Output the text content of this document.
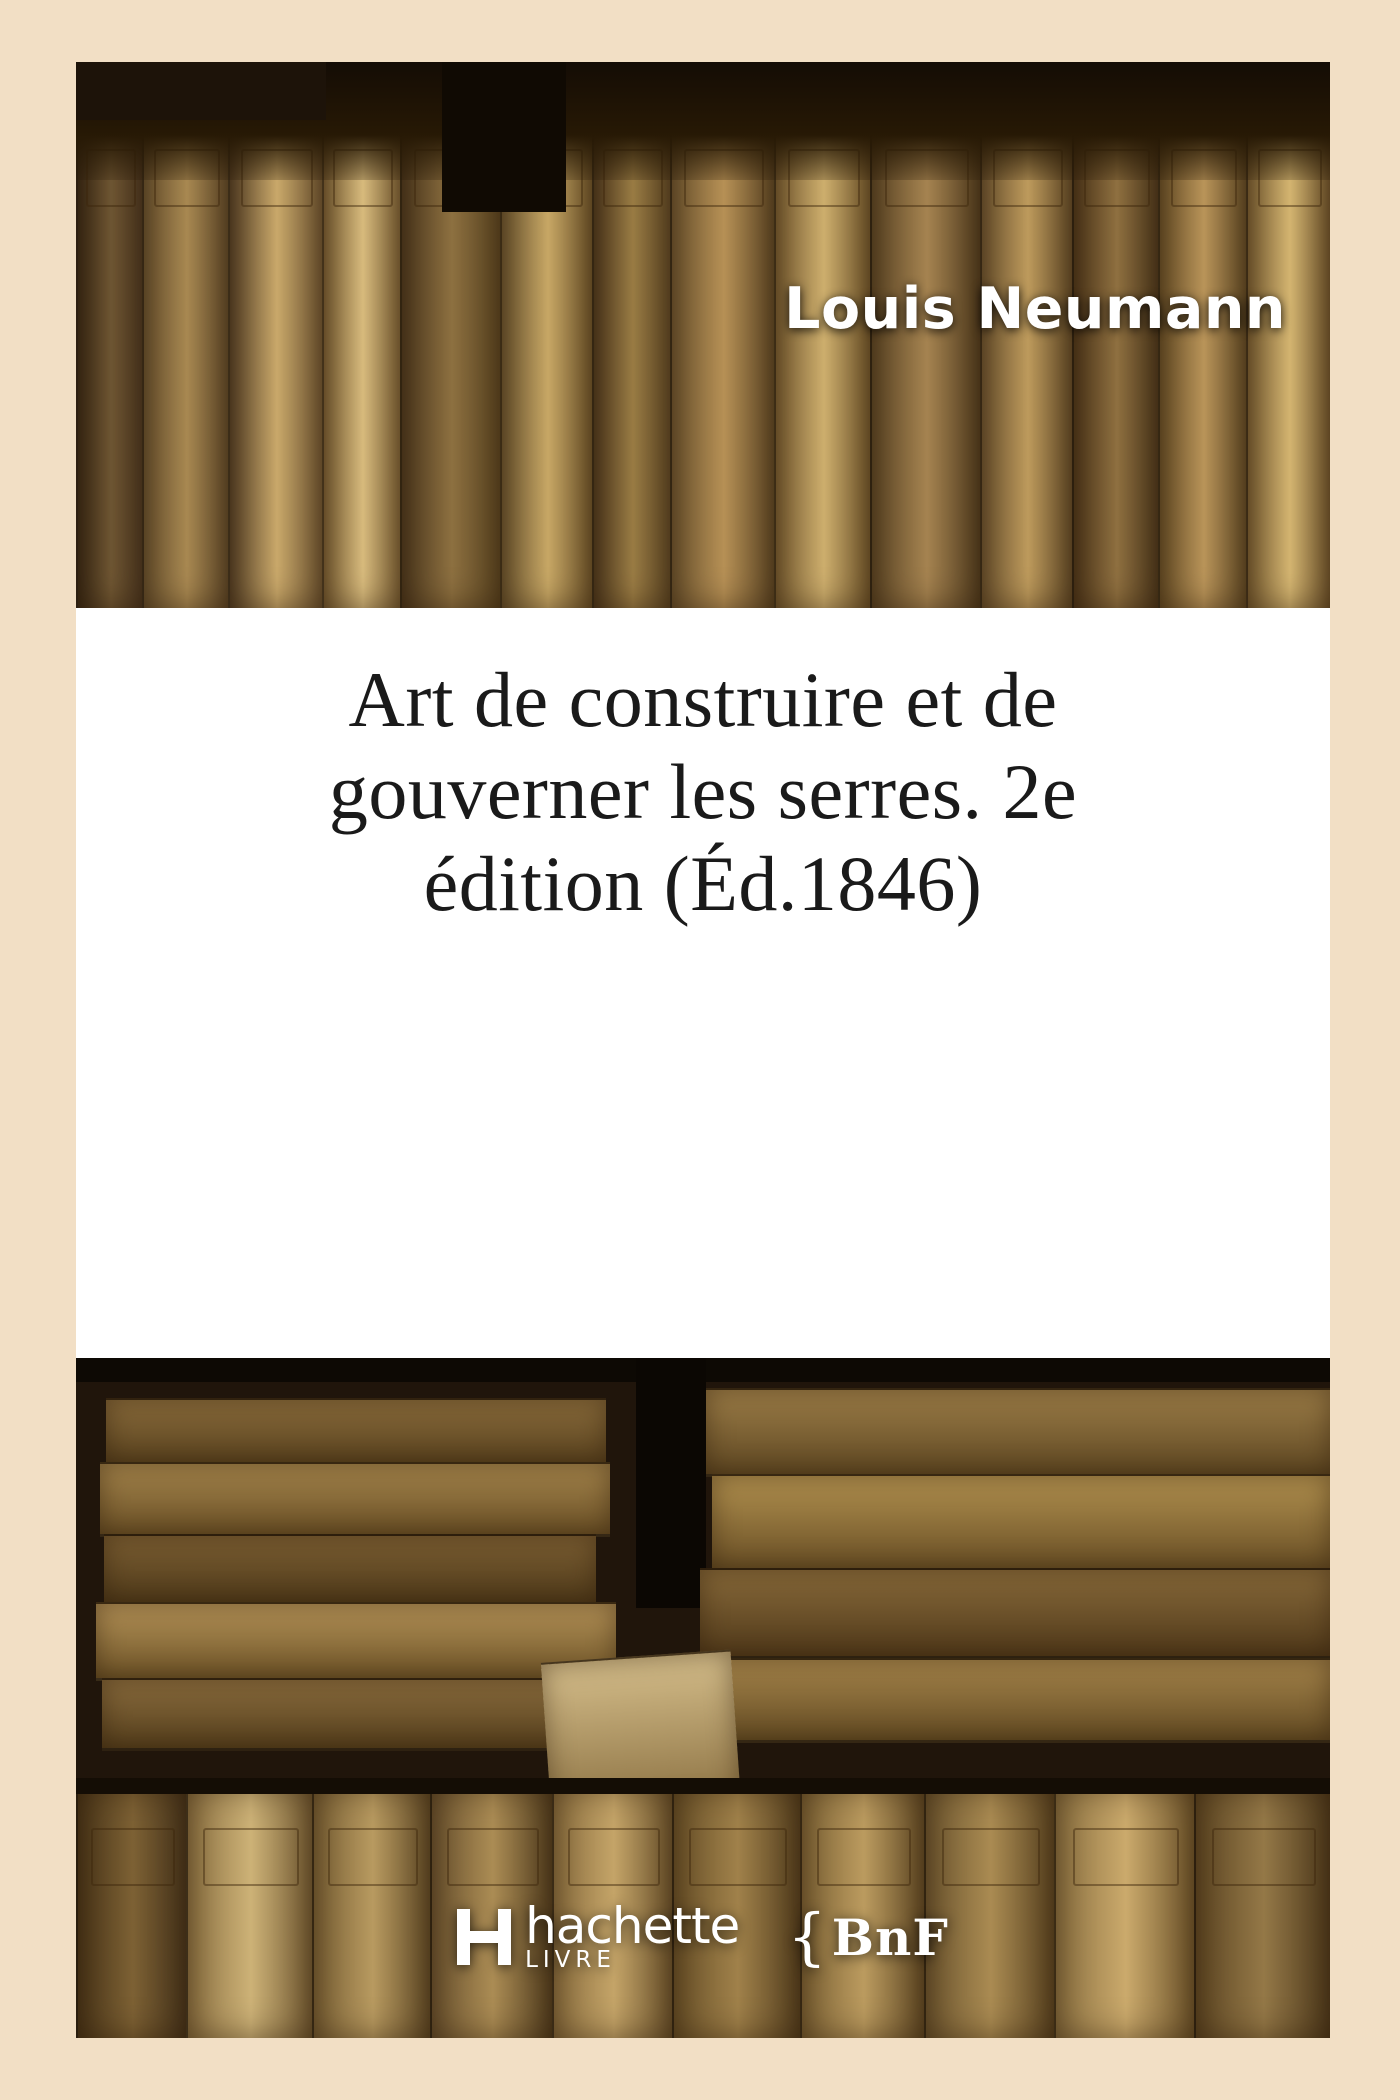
Louis Neumann
Art de construire et de
gouverner les serres. 2e
édition (Éd.1846)
hachette
LIVRE	{ BnF
